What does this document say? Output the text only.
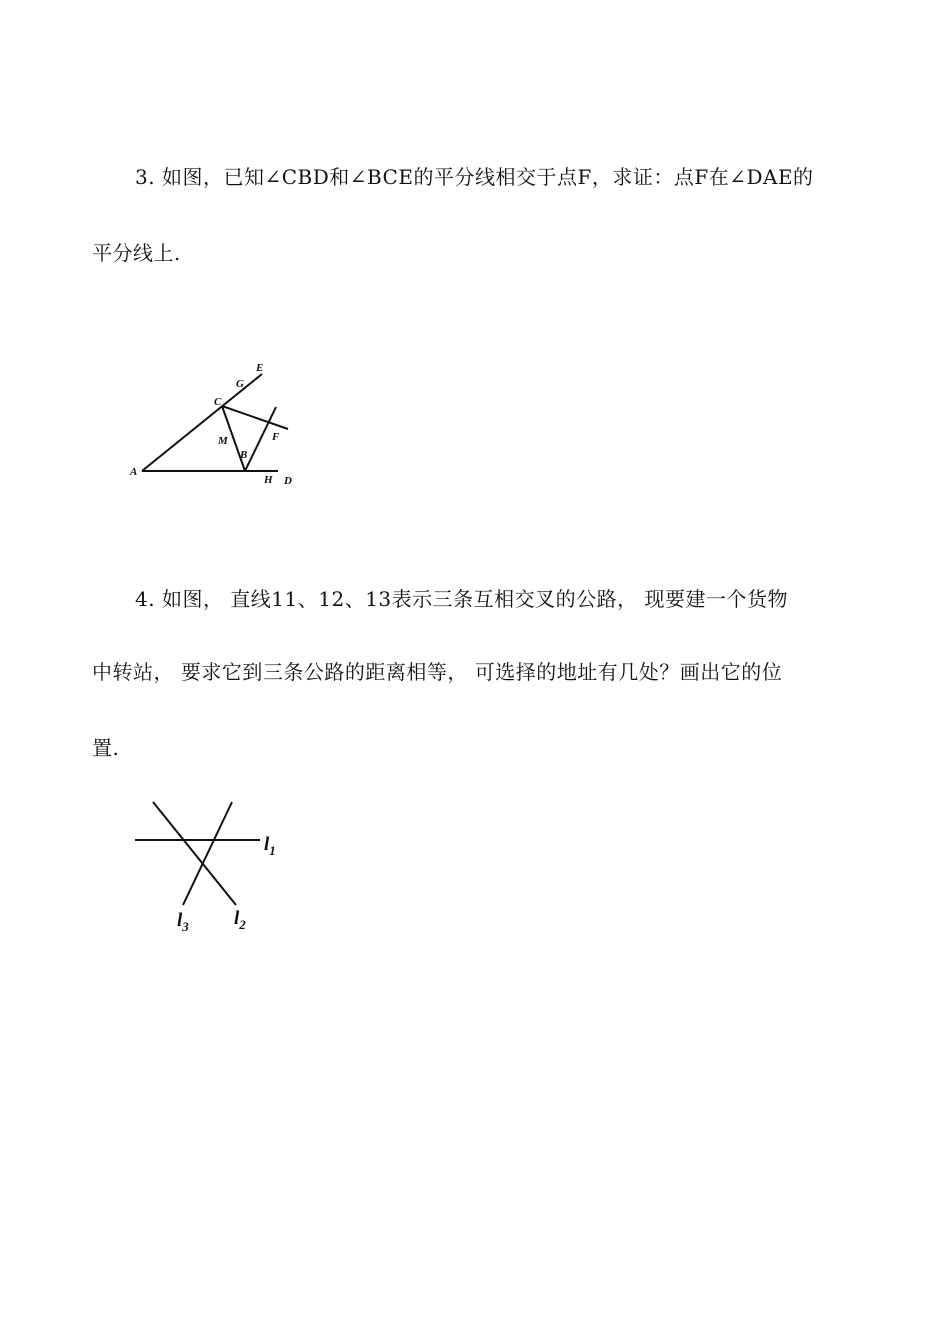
3. 如图，已知∠CBD和∠BCE的平分线相交于点F，求证：点F在∠DAE的
平分线上.
A
C
G
E
M
B
F
H D
$l_1$
$l_2$
$l_3$
4. 如图， 直线11、12、13表示三条互相交叉的公路， 现要建一个货物
中转站， 要求它到三条公路的距离相等， 可选择的地址有几处？画出它的位
置.
